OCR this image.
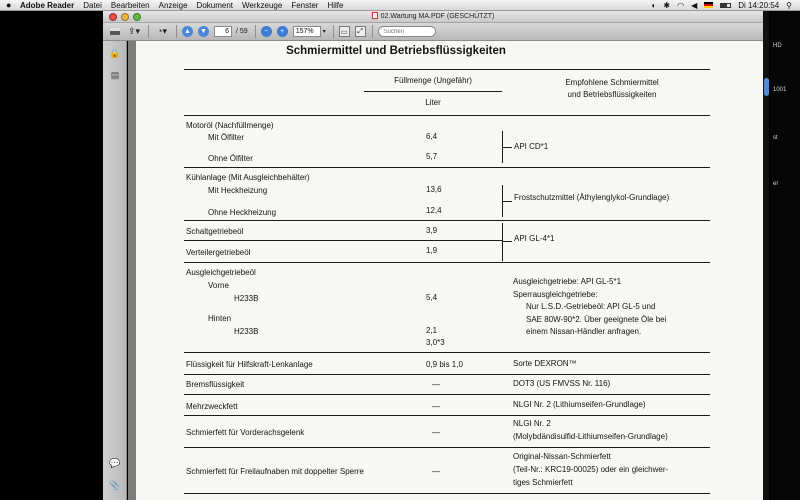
● Adobe Reader Datei Bearbeiten Anzeige Dokument Werkzeuge Fenster Hilfe	◐ ✱ ◠ ◀	Di 14:20:54 ⚲
02.Wartung MA.PDF (GESCHÜTZT)
⇪▾	◔▾	▲ ▼
6	/ 59	−	+
157%	▾	▭	⤢
Suchen
🔒
▤
💬
📎
Schmiermittel und Betriebsflüssigkeiten
Füllmenge (Ungefähr)
Liter
Empfohlene Schmiermittel
und Betriebsflüssigkeiten
Motoröl (Nachfüllmenge)
Mit Ölfilter	6,4
Ohne Ölfilter	5,7
API CD*1
Kühlanlage (Mit Ausgleichbehälter)
Mit Heckheizung	13,6
Ohne Heckheizung	12,4
Frostschutzmittel (Äthylenglykol-Grundlage)
Schaltgetriebeöl	3,9
Verteilergetriebeöl	1,9
API GL-4*1
Ausgleichgetriebeöl
Vorne
H233B	5,4
Hinten
H233B	2,1
3,0*3
Ausgleichgetriebe: API GL-5*1
Sperrausgleichgetriebe:
Nur L.S.D.-Getriebeöl: API GL-5 und
SAE 80W-90*2. Über geeignete Öle bei
einem Nissan-Händler anfragen.
Flüssigkeit für Hilfskraft-Lenkanlage	0,9 bis 1,0	Sorte DEXRON™
Bremsflüssigkeit	—	DOT3 (US FMVSS Nr. 116)
Mehrzweckfett	—	NLGI Nr. 2 (Lithiumseifen-Grundlage)
Schmierfett für Vorderachsgelenk	—
NLGI Nr. 2
(Molybdändisulfid-Lithiumseifen-Grundlage)
Schmierfett für Freilaufnaben mit doppelter Sperre	—
Original-Nissan-Schmierfett
(Teil-Nr.: KRC19-00025) oder ein gleichwer-
tiges Schmierfett
HD
1001
st
er
